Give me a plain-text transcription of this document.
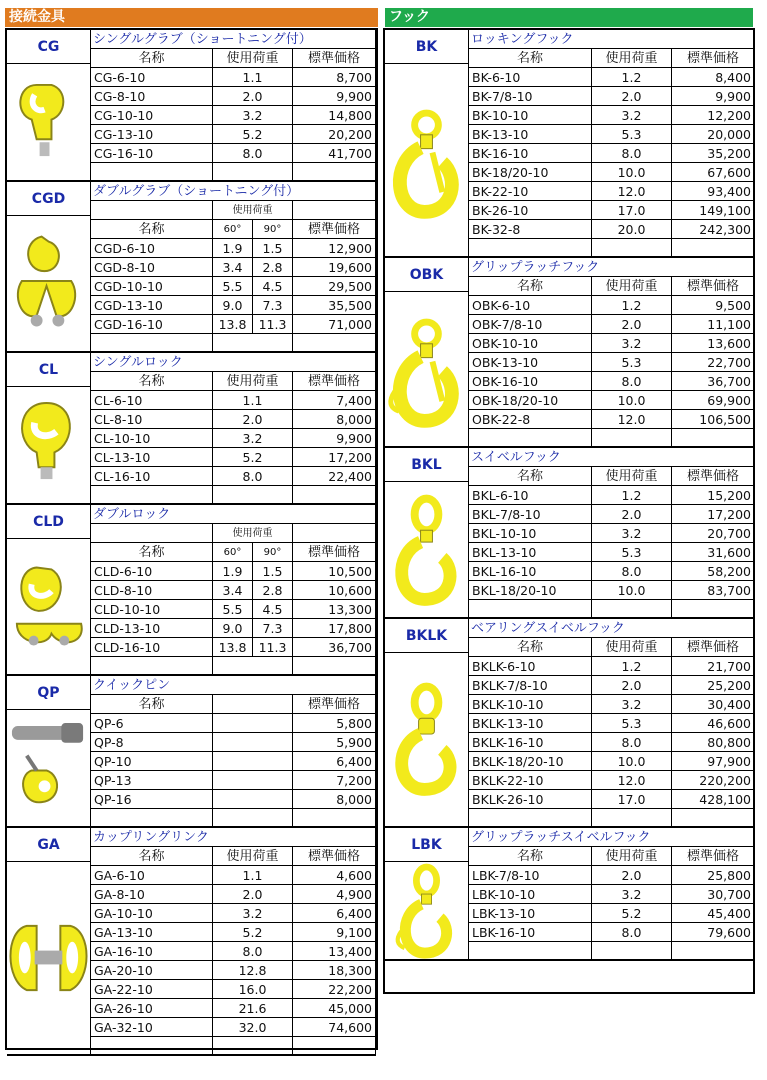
接続金具	フック
CG	シングルグラブ（ショートニング付）
名称	使用荷重	標準価格
CG-6-10	1.1	8,700
CG-8-10	2.0	9,900
CG-10-10	3.2	14,800
CG-13-10	5.2	20,200
CG-16-10	8.0	41,700
CGD	ダブルグラブ（ショートニング付）
使用荷重
名称	60°	90°	標準価格
CGD-6-10	1.9	1.5	12,900
CGD-8-10	3.4	2.8	19,600
CGD-10-10	5.5	4.5	29,500
CGD-13-10	9.0	7.3	35,500
CGD-16-10	13.8 11.3	71,000
CL	シングルロック
名称	使用荷重	標準価格
CL-6-10	1.1	7,400
CL-8-10	2.0	8,000
CL-10-10	3.2	9,900
CL-13-10	5.2	17,200
CL-16-10	8.0	22,400
CLD	ダブルロック
使用荷重
名称	60°	90°	標準価格
CLD-6-10	1.9	1.5	10,500
CLD-8-10	3.4	2.8	10,600
CLD-10-10	5.5	4.5	13,300
CLD-13-10	9.0	7.3	17,800
CLD-16-10	13.8 11.3	36,700
QP	クイックピン
名称	標準価格
QP-6	5,800
QP-8	5,900
QP-10	6,400
QP-13	7,200
QP-16	8,000
GA	カップリングリンク
名称	使用荷重	標準価格
GA-6-10	1.1	4,600
GA-8-10	2.0	4,900
GA-10-10	3.2	6,400
GA-13-10	5.2	9,100
GA-16-10	8.0	13,400
GA-20-10	12.8	18,300
GA-22-10	16.0	22,200
GA-26-10	21.6	45,000
GA-32-10	32.0	74,600
BK	ロッキングフック
名称	使用荷重	標準価格
BK-6-10	1.2	8,400
BK-7/8-10	2.0	9,900
BK-10-10	3.2	12,200
BK-13-10	5.3	20,000
BK-16-10	8.0	35,200
BK-18/20-10	10.0	67,600
BK-22-10	12.0	93,400
BK-26-10	17.0	149,100
BK-32-8	20.0	242,300
OBK	グリップラッチフック
名称	使用荷重	標準価格
OBK-6-10	1.2	9,500
OBK-7/8-10	2.0	11,100
OBK-10-10	3.2	13,600
OBK-13-10	5.3	22,700
OBK-16-10	8.0	36,700
OBK-18/20-10	10.0	69,900
OBK-22-8	12.0	106,500
BKL	スイベルフック
名称	使用荷重	標準価格
BKL-6-10	1.2	15,200
BKL-7/8-10	2.0	17,200
BKL-10-10	3.2	20,700
BKL-13-10	5.3	31,600
BKL-16-10	8.0	58,200
BKL-18/20-10	10.0	83,700
BKLK	ベアリングスイベルフック
名称	使用荷重	標準価格
BKLK-6-10	1.2	21,700
BKLK-7/8-10	2.0	25,200
BKLK-10-10	3.2	30,400
BKLK-13-10	5.3	46,600
BKLK-16-10	8.0	80,800
BKLK-18/20-10	10.0	97,900
BKLK-22-10	12.0	220,200
BKLK-26-10	17.0	428,100
LBK	グリップラッチスイベルフック
名称	使用荷重	標準価格
LBK-7/8-10	2.0	25,800
LBK-10-10	3.2	30,700
LBK-13-10	5.2	45,400
LBK-16-10	8.0	79,600
